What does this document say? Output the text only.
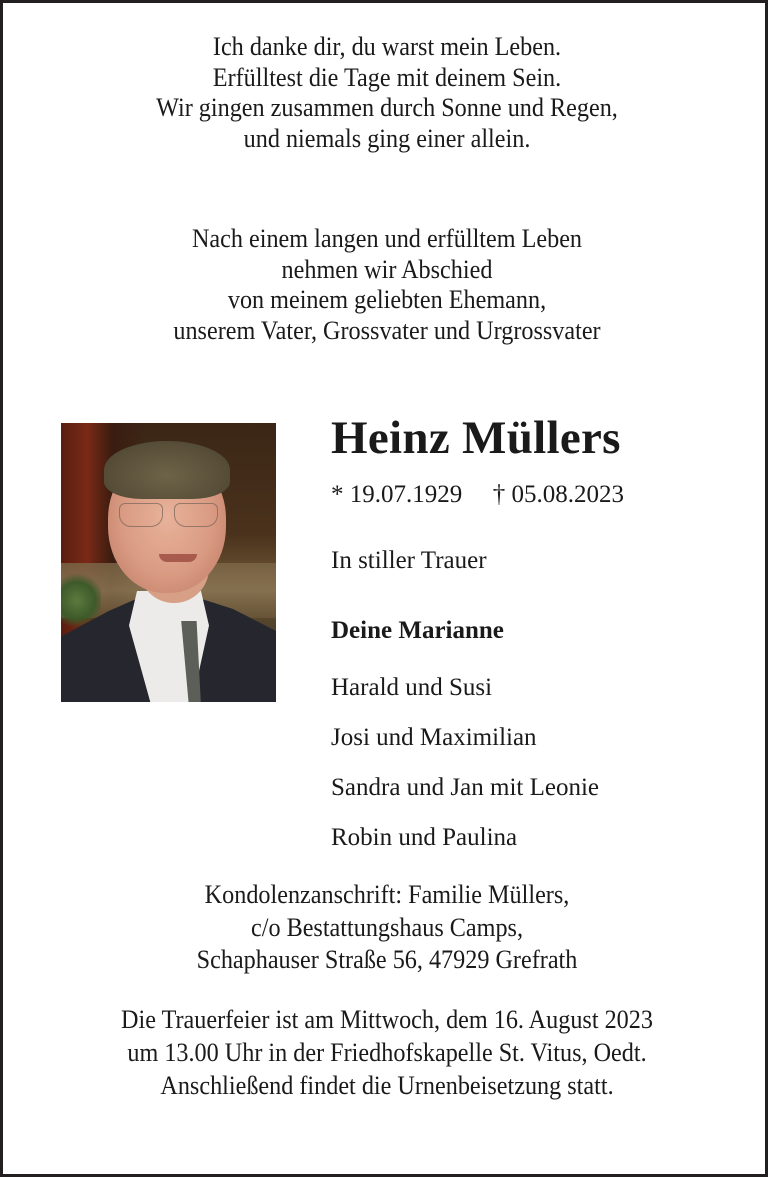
Ich danke dir, du warst mein Leben.
Erfülltest die Tage mit deinem Sein.
Wir gingen zusammen durch Sonne und Regen,
und niemals ging einer allein.
Nach einem langen und erfülltem Leben
nehmen wir Abschied
von meinem geliebten Ehemann,
unserem Vater, Grossvater und Urgrossvater
Heinz Müllers
* 19.07.1929 † 05.08.2023
In stiller Trauer
Deine Marianne
Harald und Susi
Josi und Maximilian
Sandra und Jan mit Leonie
Robin und Paulina
Kondolenzanschrift: Familie Müllers,
c/o Bestattungshaus Camps,
Schaphauser Straße 56, 47929 Grefrath
Die Trauerfeier ist am Mittwoch, dem 16. August 2023
um 13.00 Uhr in der Friedhofskapelle St. Vitus, Oedt.
Anschließend findet die Urnenbeisetzung statt.
